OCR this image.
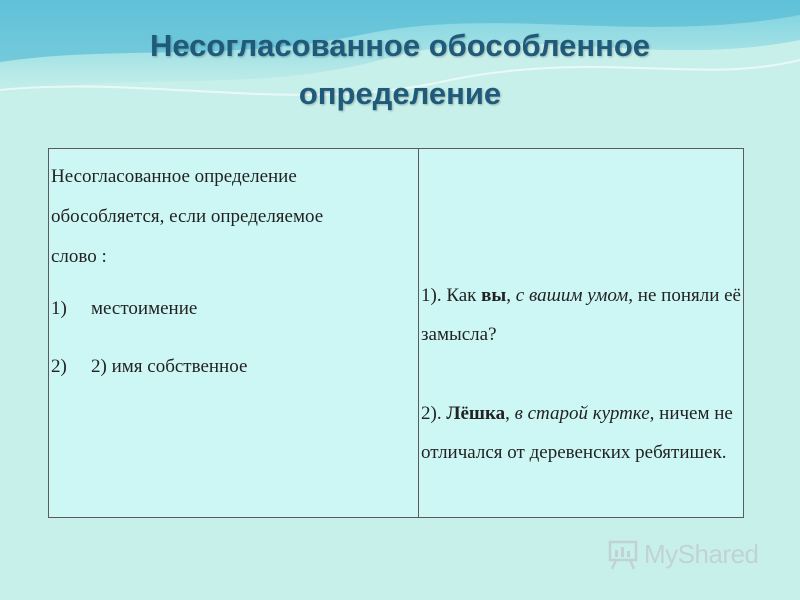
Несогласованное обособленное
определение
Несогласованное определение
обособляется, если определяемое
слово :
1)	местоимение
2)	2) имя собственное
1). Как вы, с вашим умом, не поняли её замысла?
2). Лёшка, в старой куртке, ничем не отличался от деревенских ребятишек.
MyShared
